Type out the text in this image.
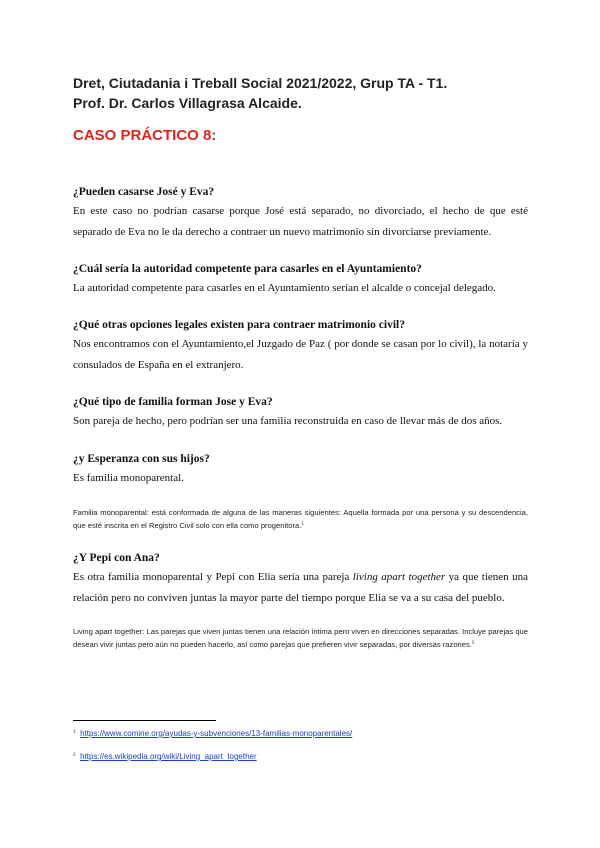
Dret, Ciutadania i Treball Social 2021/2022, Grup TA - T1.
Prof. Dr. Carlos Villagrasa Alcaide.
CASO PRÁCTICO 8:
¿Pueden casarse José y Eva?
En este caso no podrían casarse porque José está separado, no divorciado, el hecho de que esté separado de Eva no le da derecho a contraer un nuevo matrimonio sin divorciarse previamente.
¿Cuál sería la autoridad competente para casarles en el Ayuntamiento?
La autoridad competente para casarles en el Ayuntamiento serían el alcalde o concejal delegado.
¿Qué otras opciones legales existen para contraer matrimonio civil?
Nos encontramos con el Ayuntamiento,el Juzgado de Paz ( por donde se casan por lo civil), la notaría y consulados de España en el extranjero.
¿Qué tipo de familia forman Jose y Eva?
Son pareja de hecho, pero podrían ser una familia reconstruida en caso de llevar más de dos años.
¿y Esperanza con sus hijos?
Es familia monoparental.
Familia monoparental: está conformada de alguna de las maneras siguientes: Aquella formada por una persona y su descendencia, que esté inscrita en el Registro Civil solo con ella como progenitora.$^1$
¿Y Pepi con Ana?
Es otra familia monoparental y Pepi con Elia sería una pareja living apart together ya que tienen una relación pero no conviven juntas la mayor parte del tiempo porque Elia se va a su casa del pueblo.
Living apart together: Las parejas que viven juntas tienen una relación íntima pero viven en direcciones separadas. Incluye parejas que desean vivir juntas pero aún no pueden hacerlo, así como parejas que prefieren vivir separadas, por diversas razones.$^2$
$^1$ https://www.comine.org/ayudas-y-subvenciones/13-familias-monoparentales/
$^2$ https://es.wikipedia.org/wiki/Living_apart_together
